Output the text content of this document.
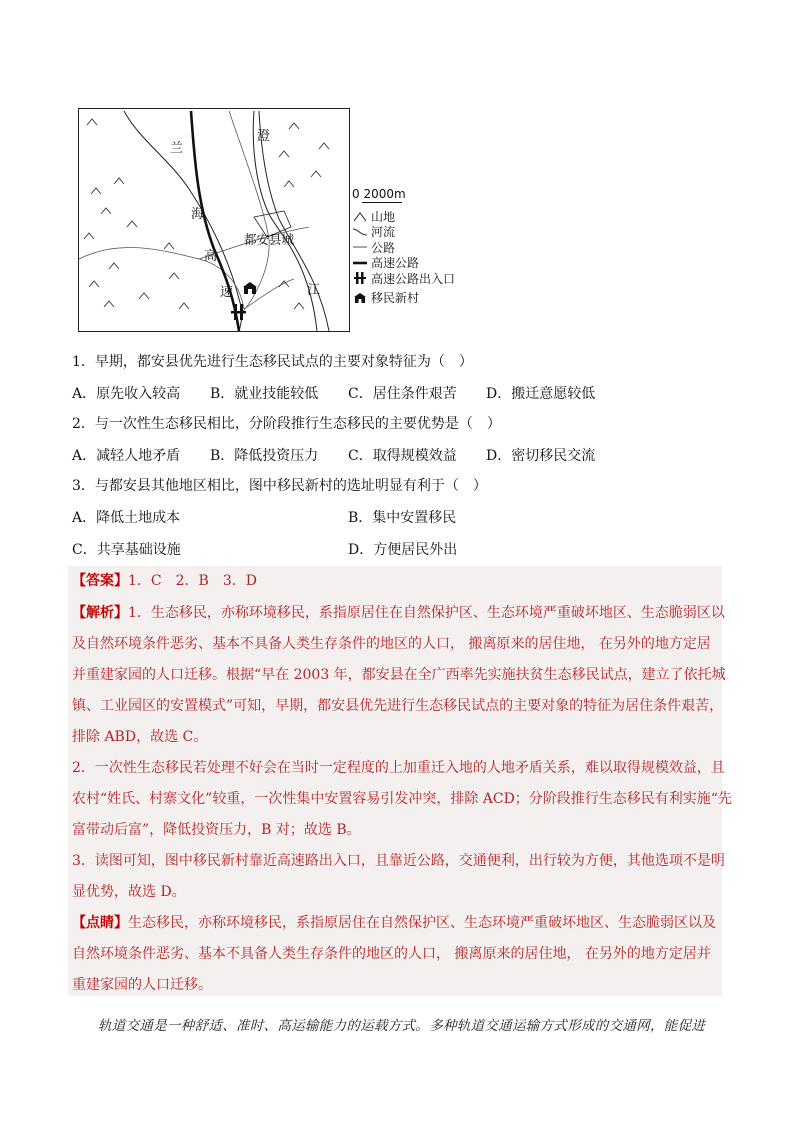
兰
海
高
速
澄
江
都安县城
0 2000m
山地
河流
公路
高速公路
高速公路出入口
移民新村
1．早期，都安县优先进行生态移民试点的主要对象特征为（　）
A．原先收入较高 B．就业技能较低 C．居住条件艰苦 D．搬迁意愿较低
2．与一次性生态移民相比，分阶段推行生态移民的主要优势是（　）
A．减轻人地矛盾 B．降低投资压力 C．取得规模效益 D．密切移民交流
3．与都安县其他地区相比，图中移民新村的选址明显有利于（　）
A．降低土地成本	B．集中安置移民
C．共享基础设施	D．方便居民外出
【答案】1．C　2．B　3．D
【解析】1．生态移民，亦称环境移民，系指原居住在自然保护区、生态环境严重破坏地区、生态脆弱区以
及自然环境条件恶劣、基本不具备人类生存条件的地区的人口， 搬离原来的居住地， 在另外的地方定居
并重建家园的人口迁移。根据“早在 2003 年，都安县在全广西率先实施扶贫生态移民试点，建立了依托城
镇、工业园区的安置模式”可知，早期，都安县优先进行生态移民试点的主要对象的特征为居住条件艰苦，
排除 ABD，故选 C。
2．一次性生态移民若处理不好会在当时一定程度的上加重迁入地的人地矛盾关系，难以取得规模效益，且
农村“姓氏、村寨文化”较重，一次性集中安置容易引发冲突，排除 ACD；分阶段推行生态移民有利实施“先
富带动后富”，降低投资压力，B 对；故选 B。
3．读图可知，图中移民新村靠近高速路出入口，且靠近公路，交通便利，出行较为方便，其他选项不是明
显优势，故选 D。
【点睛】生态移民，亦称环境移民，系指原居住在自然保护区、生态环境严重破坏地区、生态脆弱区以及
自然环境条件恶劣、基本不具备人类生存条件的地区的人口， 搬离原来的居住地， 在另外的地方定居并
重建家园的人口迁移。
轨道交通是一种舒适、准时、高运输能力的运载方式。多种轨道交通运输方式形成的交通网，能促进
